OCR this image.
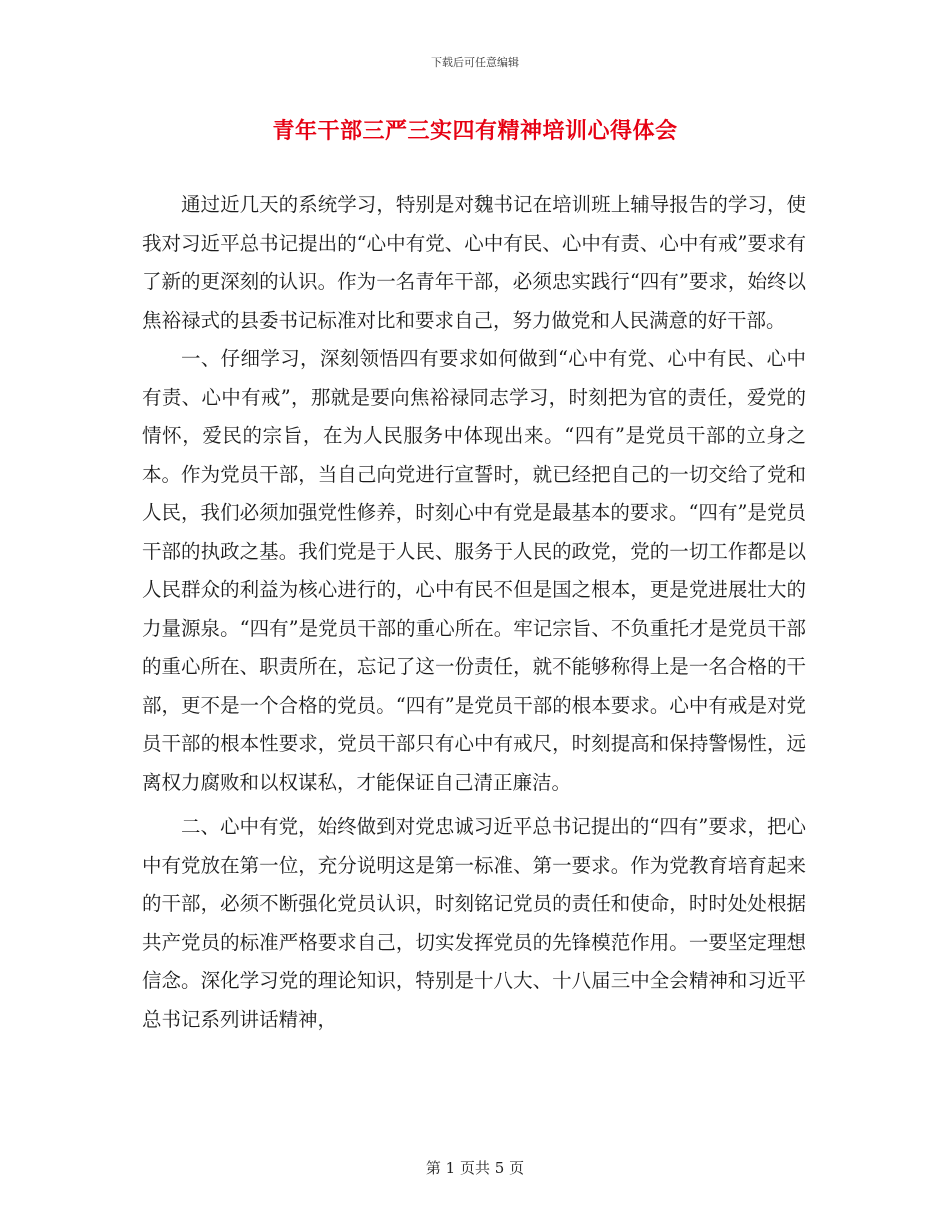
下载后可任意编辑
青年干部三严三实四有精神培训心得体会

通过近几天的系统学习，特别是对魏书记在培训班上辅导报告的学习，使我对习近平总书记提出的“心中有党、心中有民、心中有责、心中有戒”要求有了新的更深刻的认识。作为一名青年干部，必须忠实践行“四有”要求，始终以焦裕禄式的县委书记标准对比和要求自己，努力做党和人民满意的好干部。

一、仔细学习，深刻领悟四有要求如何做到“心中有党、心中有民、心中有责、心中有戒”，那就是要向焦裕禄同志学习，时刻把为官的责任，爱党的情怀，爱民的宗旨，在为人民服务中体现出来。“四有”是党员干部的立身之本。作为党员干部，当自己向党进行宣誓时，就已经把自己的一切交给了党和人民，我们必须加强党性修养，时刻心中有党是最基本的要求。“四有”是党员干部的执政之基。我们党是于人民、服务于人民的政党，党的一切工作都是以人民群众的利益为核心进行的，心中有民不但是国之根本，更是党进展壮大的力量源泉。“四有”是党员干部的重心所在。牢记宗旨、不负重托才是党员干部的重心所在、职责所在，忘记了这一份责任，就不能够称得上是一名合格的干部，更不是一个合格的党员。“四有”是党员干部的根本要求。心中有戒是对党员干部的根本性要求，党员干部只有心中有戒尺，时刻提高和保持警惕性，远离权力腐败和以权谋私，才能保证自己清正廉洁。

二、心中有党，始终做到对党忠诚习近平总书记提出的“四有”要求，把心中有党放在第一位，充分说明这是第一标准、第一要求。作为党教育培育起来的干部，必须不断强化党员认识，时刻铭记党员的责任和使命，时时处处根据共产党员的标准严格要求自己，切实发挥党员的先锋模范作用。一要坚定理想信念。深化学习党的理论知识，特别是十八大、十八届三中全会精神和习近平总书记系列讲话精神，

第 1 页共 5 页
